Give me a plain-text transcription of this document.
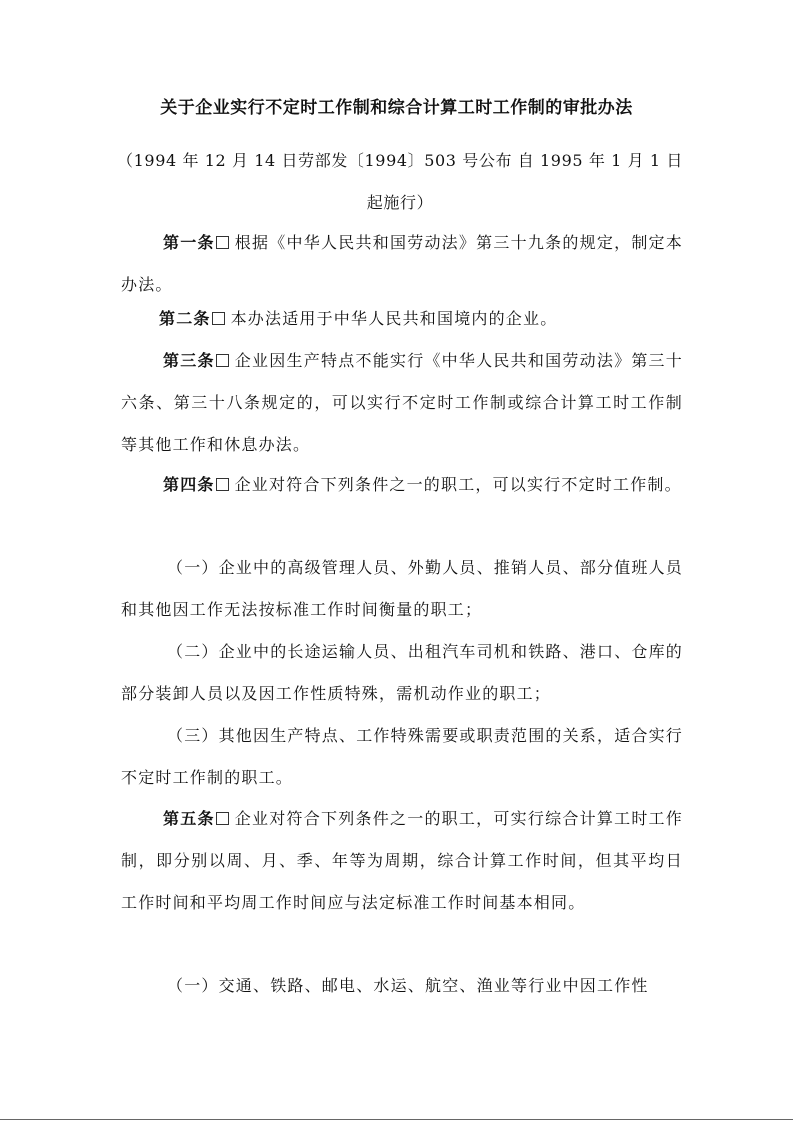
关于企业实行不定时工作制和综合计算工时工作制的审批办法
（1994 年 12 月 14 日劳部发〔1994〕503 号公布 自 1995 年 1 月 1 日起施行）
第一条 根据《中华人民共和国劳动法》第三十九条的规定，制定本办法。
第二条 本办法适用于中华人民共和国境内的企业。
第三条 企业因生产特点不能实行《中华人民共和国劳动法》第三十六条、第三十八条规定的，可以实行不定时工作制或综合计算工时工作制等其他工作和休息办法。
第四条 企业对符合下列条件之一的职工，可以实行不定时工作制。
（一）企业中的高级管理人员、外勤人员、推销人员、部分值班人员和其他因工作无法按标准工作时间衡量的职工；
（二）企业中的长途运输人员、出租汽车司机和铁路、港口、仓库的部分装卸人员以及因工作性质特殊，需机动作业的职工；
（三）其他因生产特点、工作特殊需要或职责范围的关系，适合实行不定时工作制的职工。
第五条 企业对符合下列条件之一的职工，可实行综合计算工时工作制，即分别以周、月、季、年等为周期，综合计算工作时间，但其平均日工作时间和平均周工作时间应与法定标准工作时间基本相同。
（一）交通、铁路、邮电、水运、航空、渔业等行业中因工作性
